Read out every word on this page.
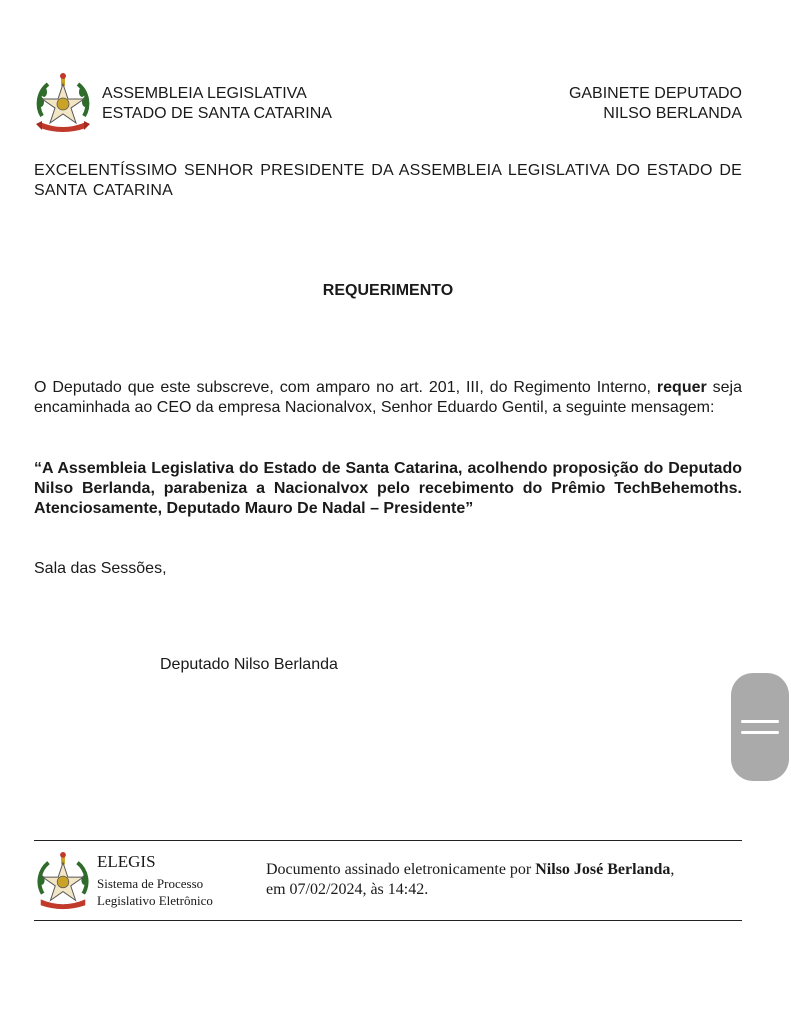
ASSEMBLEIA LEGISLATIVA
ESTADO DE SANTA CATARINA
GABINETE DEPUTADO
NILSO BERLANDA
EXCELENTÍSSIMO SENHOR PRESIDENTE DA ASSEMBLEIA LEGISLATIVA DO ESTADO DE SANTA CATARINA
REQUERIMENTO
O Deputado que este subscreve, com amparo no art. 201, III, do Regimento Interno, requer seja encaminhada ao CEO da empresa Nacionalvox, Senhor Eduardo Gentil, a seguinte mensagem:
“A Assembleia Legislativa do Estado de Santa Catarina, acolhendo proposição do Deputado Nilso Berlanda, parabeniza a Nacionalvox pelo recebimento do Prêmio TechBehemoths. Atenciosamente, Deputado Mauro De Nadal – Presidente”
Sala das Sessões,
Deputado Nilso Berlanda
ELEGIS
Sistema de Processo
Legislativo Eletrônico
Documento assinado eletronicamente por Nilso José Berlanda,
em 07/02/2024, às 14:42.
